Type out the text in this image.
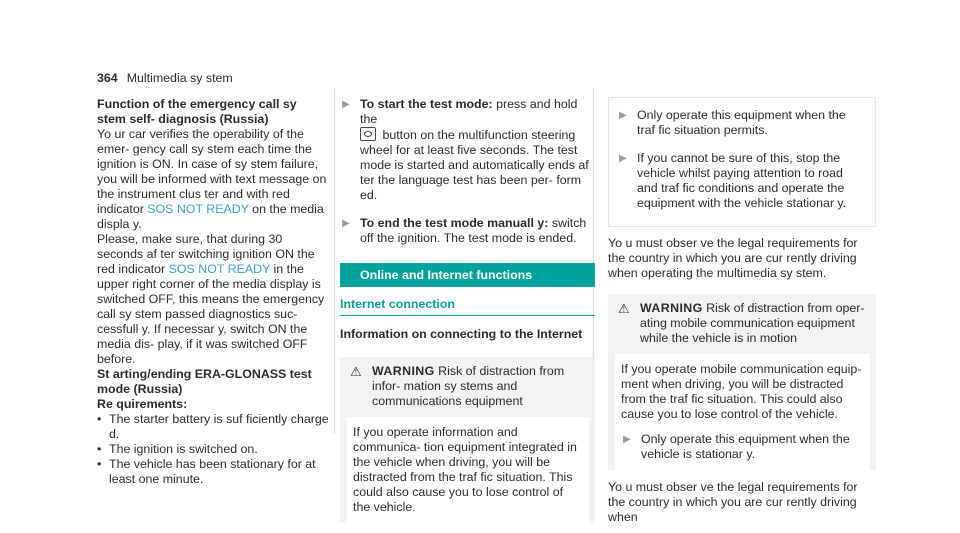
364 Multimedia sy stem

Function of the emergency call sy stem self- diagnosis (Russia)

Yo ur car verifies the operability of the emer‐ gency call sy stem each time the ignition is ON. In case of sy stem failure, you will be informed with text message on the instrument clus ter and with red indicator SOS NOT READY on the media displa y.

Please, make sure, that during 30 seconds af ter switching ignition ON the red indicator SOS NOT READY in the upper right corner of the media display is switched OFF, this means the emergency call sy stem passed diagnostics suc‐ cessfull y. If necessar y, switch ON the media dis‐ play, if it was switched OFF before.

St arting/ending ERA-GLONASS test mode (Russia)

Re quirements:

• The starter battery is suf ficiently charge d.
• The ignition is switched on.
• The vehicle has been stationary for at least one minute.
▶ To start the test mode: press and hold the
button on the multifunction steering wheel for at least five seconds. The test mode is started and automatically ends af ter the language test has been per‐ form ed.
▶ To end the test mode manuall y: switch off the ignition. The test mode is ended.
Online and Internet functions
Internet connection

Information on connecting to the Internet

⚠ WARNING Risk of distraction from infor‐ mation sy stems and communications equipment
If you operate information and communica‐ tion equipment integrated in the vehicle when driving, you will be distracted from the traf fic situation. This could also cause you to lose control of the vehicle.
▶ Only operate this equipment when the traf fic situation permits.
▶ If you cannot be sure of this, stop the vehicle whilst paying attention to road and traf fic conditions and operate the equipment with the vehicle stationar y.

Yo u must obser ve the legal requirements for the country in which you are cur rently driving when operating the multimedia sy stem.

⚠ WARNING Risk of distraction from oper‐ ating mobile communication equipment while the vehicle is in motion

If you operate mobile communication equip‐ ment when driving, you will be distracted from the traf fic situation. This could also cause you to lose control of the vehicle.

▶ Only operate this equipment when the vehicle is stationar y.

Yo u must obser ve the legal requirements for the country in which you are cur rently driving when
